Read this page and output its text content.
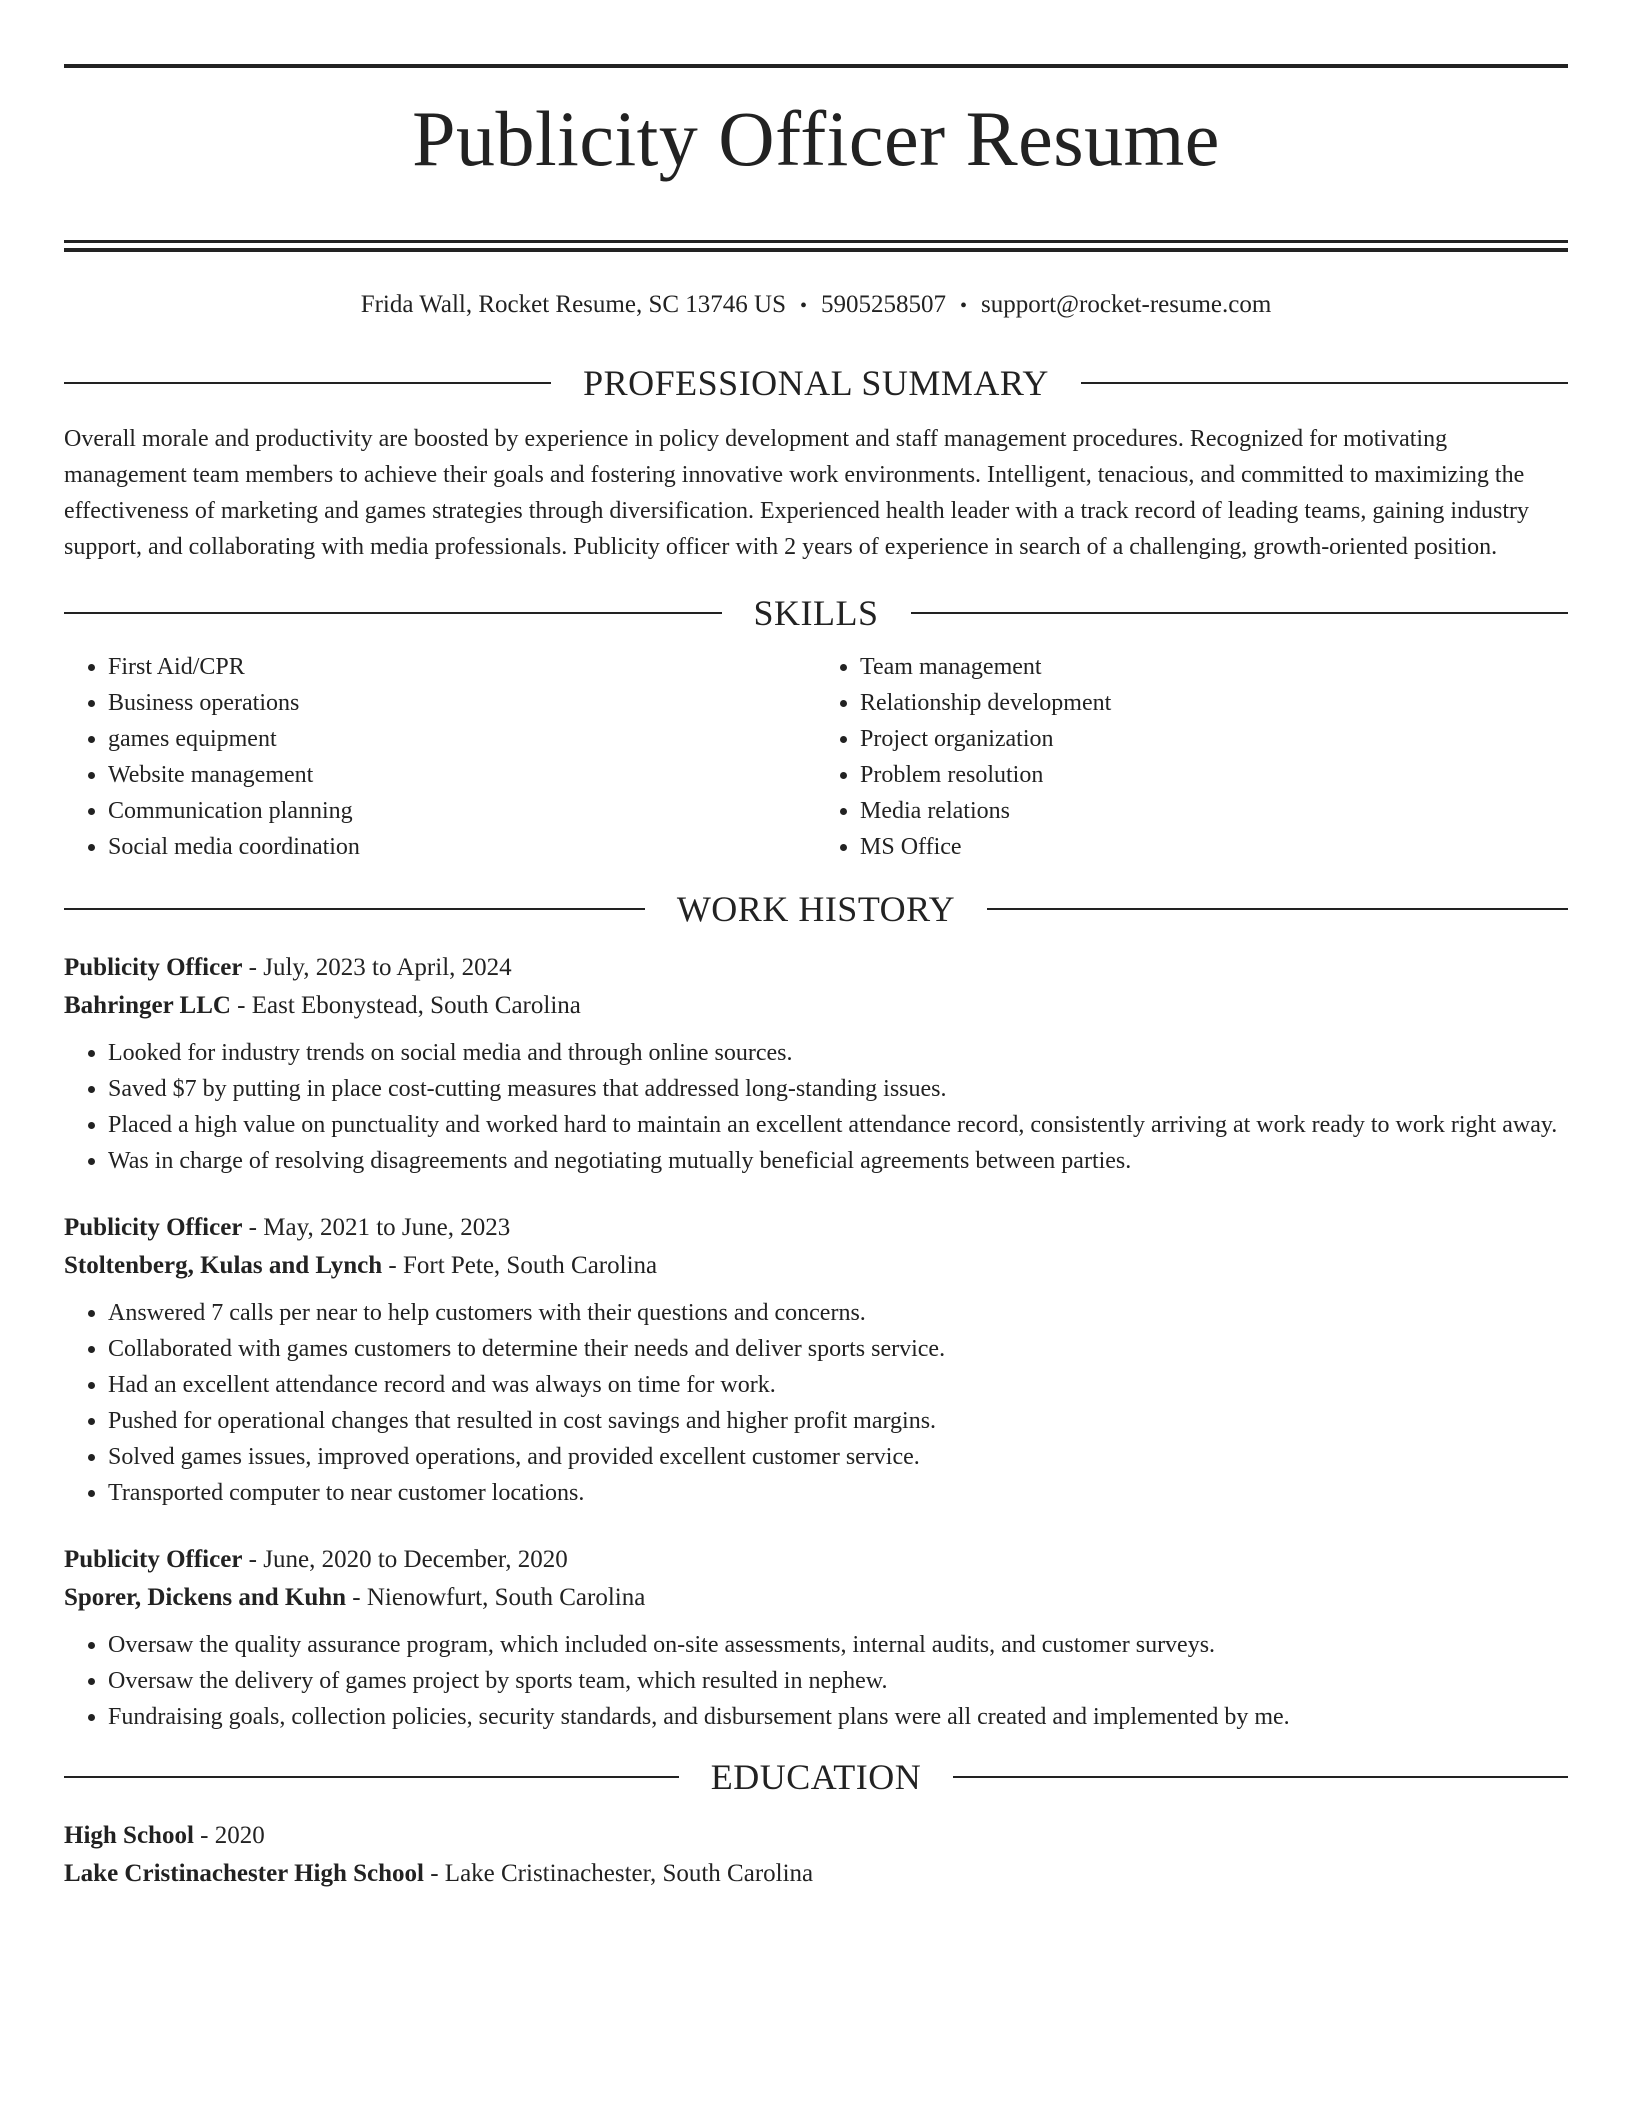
Publicity Officer Resume
Frida Wall, Rocket Resume, SC 13746 US • 5905258507 • support@rocket-resume.com
PROFESSIONAL SUMMARY

Overall morale and productivity are boosted by experience in policy development and staff management procedures. Recognized for motivating management team members to achieve their goals and fostering innovative work environments. Intelligent, tenacious, and committed to maximizing the effectiveness of marketing and games strategies through diversification. Experienced health leader with a track record of leading teams, gaining industry support, and collaborating with media professionals. Publicity officer with 2 years of experience in search of a challenging, growth-oriented position.

SKILLS
• First Aid/CPR
• Business operations
• games equipment
• Website management
• Communication planning
• Social media coordination
• Team management
• Relationship development
• Project organization
• Problem resolution
• Media relations
• MS Office
WORK HISTORY
Publicity Officer - July, 2023 to April, 2024
Bahringer LLC - East Ebonystead, South Carolina
• Looked for industry trends on social media and through online sources.
• Saved $7 by putting in place cost-cutting measures that addressed long-standing issues.
• Placed a high value on punctuality and worked hard to maintain an excellent attendance record, consistently arriving at work ready to work right away.
• Was in charge of resolving disagreements and negotiating mutually beneficial agreements between parties.
Publicity Officer - May, 2021 to June, 2023
Stoltenberg, Kulas and Lynch - Fort Pete, South Carolina
• Answered 7 calls per near to help customers with their questions and concerns.
• Collaborated with games customers to determine their needs and deliver sports service.
• Had an excellent attendance record and was always on time for work.
• Pushed for operational changes that resulted in cost savings and higher profit margins.
• Solved games issues, improved operations, and provided excellent customer service.
• Transported computer to near customer locations.
Publicity Officer - June, 2020 to December, 2020
Sporer, Dickens and Kuhn - Nienowfurt, South Carolina
• Oversaw the quality assurance program, which included on-site assessments, internal audits, and customer surveys.
• Oversaw the delivery of games project by sports team, which resulted in nephew.
• Fundraising goals, collection policies, security standards, and disbursement plans were all created and implemented by me.
EDUCATION
High School - 2020
Lake Cristinachester High School - Lake Cristinachester, South Carolina
